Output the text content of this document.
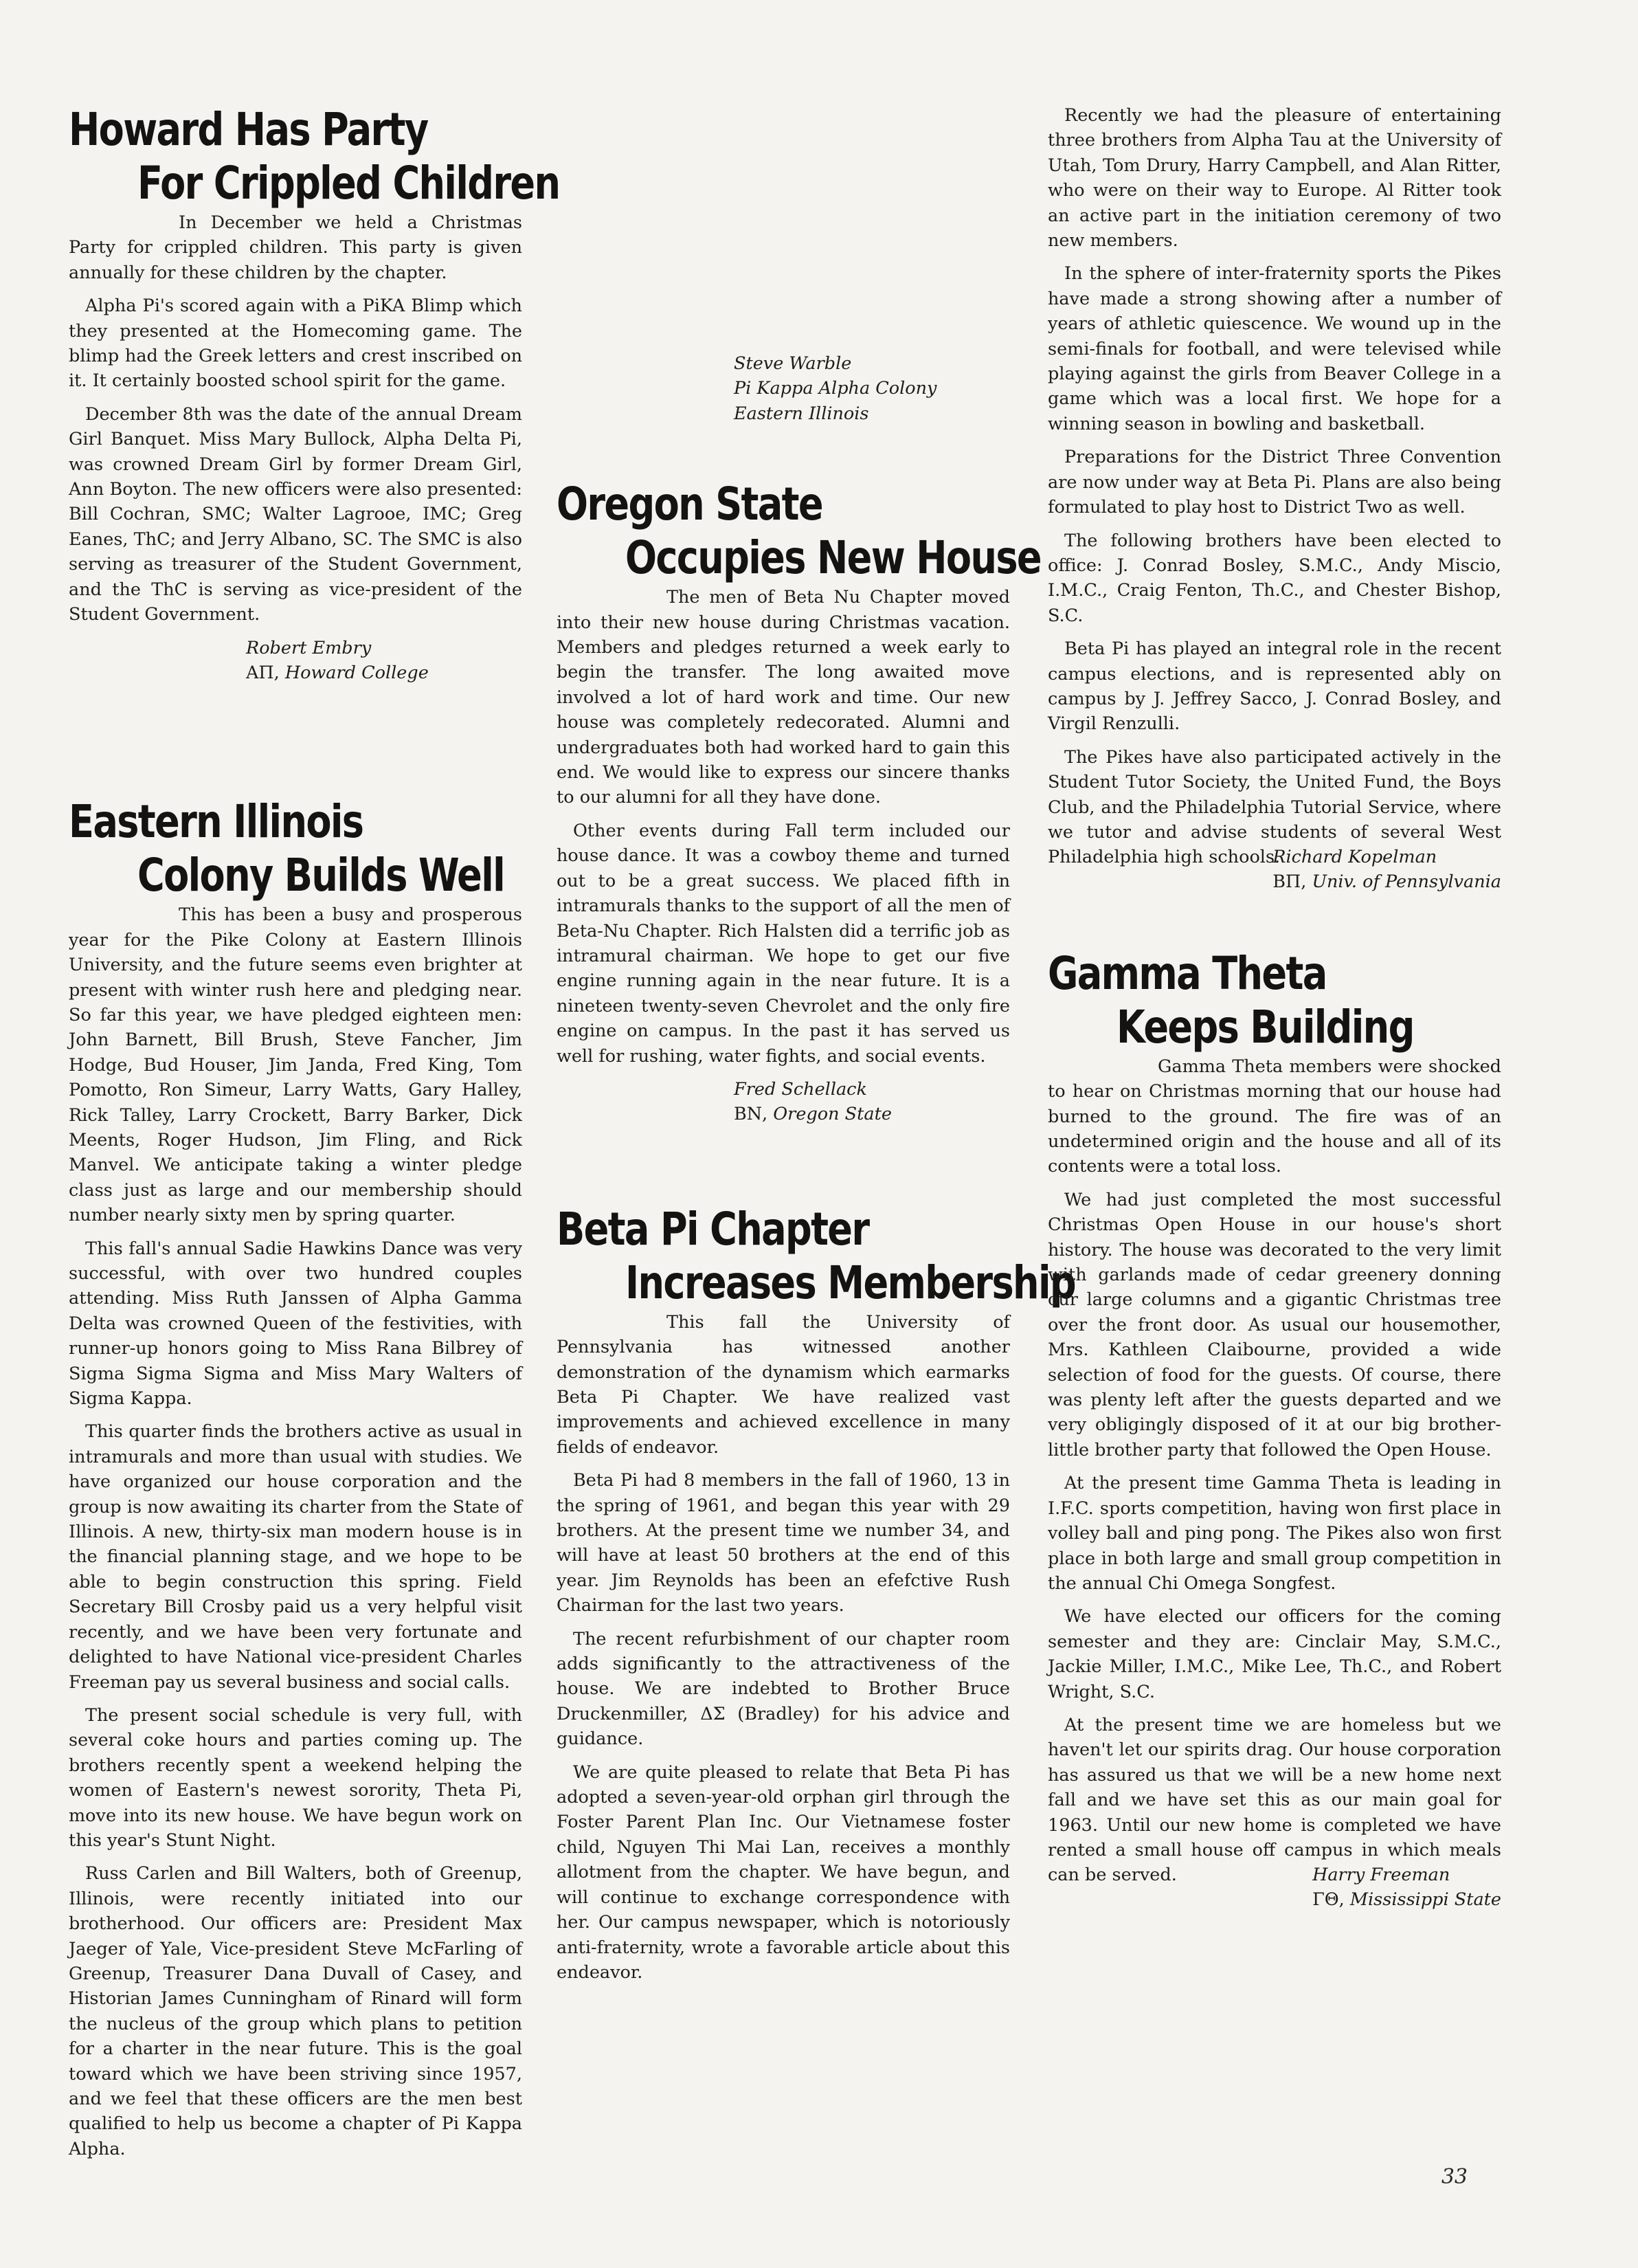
Howard Has Party
For Crippled Children

In December we held a Christmas Party for crippled children. This party is given annually for these children by the chapter.

Alpha Pi's scored again with a PiKA Blimp which they presented at the Homecoming game. The blimp had the Greek letters and crest inscribed on it. It certainly boosted school spirit for the game.

December 8th was the date of the annual Dream Girl Banquet. Miss Mary Bullock, Alpha Delta Pi, was crowned Dream Girl by former Dream Girl, Ann Boyton. The new officers were also presented: Bill Cochran, SMC; Walter Lagrooe, IMC; Greg Eanes, ThC; and Jerry Albano, SC. The SMC is also serving as treasurer of the Student Government, and the ThC is serving as vice-president of the Student Government.

Robert Embry
ΑΠ, Howard College
Eastern Illinois
Colony Builds Well

This has been a busy and prosperous year for the Pike Colony at Eastern Illinois University, and the future seems even brighter at present with winter rush here and pledging near. So far this year, we have pledged eighteen men: John Barnett, Bill Brush, Steve Fancher, Jim Hodge, Bud Houser, Jim Janda, Fred King, Tom Pomotto, Ron Simeur, Larry Watts, Gary Halley, Rick Talley, Larry Crockett, Barry Barker, Dick Meents, Roger Hudson, Jim Fling, and Rick Manvel. We anticipate taking a winter pledge class just as large and our membership should number nearly sixty men by spring quarter.

This fall's annual Sadie Hawkins Dance was very successful, with over two hundred couples attending. Miss Ruth Janssen of Alpha Gamma Delta was crowned Queen of the festivities, with runner-up honors going to Miss Rana Bilbrey of Sigma Sigma Sigma and Miss Mary Walters of Sigma Kappa.

This quarter finds the brothers active as usual in intramurals and more than usual with studies. We have organized our house corporation and the group is now awaiting its charter from the State of Illinois. A new, thirty-six man modern house is in the financial planning stage, and we hope to be able to begin construction this spring. Field Secretary Bill Crosby paid us a very helpful visit recently, and we have been very fortunate and delighted to have National vice-president Charles Freeman pay us several business and social calls.

The present social schedule is very full, with several coke hours and parties coming up. The brothers recently spent a weekend helping the women of Eastern's newest sorority, Theta Pi, move into its new house. We have begun work on this year's Stunt Night.

Russ Carlen and Bill Walters, both of Greenup, Illinois, were recently initiated into our brotherhood. Our officers are: President Max Jaeger of Yale, Vice-president Steve McFarling of Greenup, Treasurer Dana Duvall of Casey, and Historian James Cunningham of Rinard will form the nucleus of the group which plans to petition for a charter in the near future. This is the goal toward which we have been striving since 1957, and we feel that these officers are the men best qualified to help us become a chapter of Pi Kappa Alpha.

Steve Warble
Pi Kappa Alpha Colony
Eastern Illinois
Oregon State
Occupies New House

The men of Beta Nu Chapter moved into their new house during Christmas vacation. Members and pledges returned a week early to begin the transfer. The long awaited move involved a lot of hard work and time. Our new house was completely redecorated. Alumni and undergraduates both had worked hard to gain this end. We would like to express our sincere thanks to our alumni for all they have done.

Other events during Fall term included our house dance. It was a cowboy theme and turned out to be a great success. We placed fifth in intramurals thanks to the support of all the men of Beta-Nu Chapter. Rich Halsten did a terrific job as intramural chairman. We hope to get our five engine running again in the near future. It is a nineteen twenty-seven Chevrolet and the only fire engine on campus. In the past it has served us well for rushing, water fights, and social events.

Fred Schellack
ΒΝ, Oregon State
Beta Pi Chapter
Increases Membership

This fall the University of Pennsylvania has witnessed another demonstration of the dynamism which earmarks Beta Pi Chapter. We have realized vast improvements and achieved excellence in many fields of endeavor.

Beta Pi had 8 members in the fall of 1960, 13 in the spring of 1961, and began this year with 29 brothers. At the present time we number 34, and will have at least 50 brothers at the end of this year. Jim Reynolds has been an efefctive Rush Chairman for the last two years.

The recent refurbishment of our chapter room adds significantly to the attractiveness of the house. We are indebted to Brother Bruce Druckenmiller, ΔΣ (Bradley) for his advice and guidance.

We are quite pleased to relate that Beta Pi has adopted a seven-year-old orphan girl through the Foster Parent Plan Inc. Our Vietnamese foster child, Nguyen Thi Mai Lan, receives a monthly allotment from the chapter. We have begun, and will continue to exchange correspondence with her. Our campus newspaper, which is notoriously anti-fraternity, wrote a favorable article about this endeavor.

Recently we had the pleasure of entertaining three brothers from Alpha Tau at the University of Utah, Tom Drury, Harry Campbell, and Alan Ritter, who were on their way to Europe. Al Ritter took an active part in the initiation ceremony of two new members.

In the sphere of inter-fraternity sports the Pikes have made a strong showing after a number of years of athletic quiescence. We wound up in the semi-finals for football, and were televised while playing against the girls from Beaver College in a game which was a local first. We hope for a winning season in bowling and basketball.

Preparations for the District Three Convention are now under way at Beta Pi. Plans are also being formulated to play host to District Two as well.

The following brothers have been elected to office: J. Conrad Bosley, S.M.C., Andy Miscio, I.M.C., Craig Fenton, Th.C., and Chester Bishop, S.C.

Beta Pi has played an integral role in the recent campus elections, and is represented ably on campus by J. Jeffrey Sacco, J. Conrad Bosley, and Virgil Renzulli.

The Pikes have also participated actively in the Student Tutor Society, the United Fund, the Boys Club, and the Philadelphia Tutorial Service, where we tutor and advise students of several West Philadelphia high schools.

Richard Kopelman
ΒΠ, Univ. of Pennsylvania
Gamma Theta
Keeps Building

Gamma Theta members were shocked to hear on Christmas morning that our house had burned to the ground. The fire was of an undetermined origin and the house and all of its contents were a total loss.

We had just completed the most successful Christmas Open House in our house's short history. The house was decorated to the very limit with garlands made of cedar greenery donning our large columns and a gigantic Christmas tree over the front door. As usual our housemother, Mrs. Kathleen Claibourne, provided a wide selection of food for the guests. Of course, there was plenty left after the guests departed and we very obligingly disposed of it at our big brother-little brother party that followed the Open House.

At the present time Gamma Theta is leading in I.F.C. sports competition, having won first place in volley ball and ping pong. The Pikes also won first place in both large and small group competition in the annual Chi Omega Songfest.

We have elected our officers for the coming semester and they are: Cinclair May, S.M.C., Jackie Miller, I.M.C., Mike Lee, Th.C., and Robert Wright, S.C.

At the present time we are homeless but we haven't let our spirits drag. Our house corporation has assured us that we will be a new home next fall and we have set this as our main goal for 1963. Until our new home is completed we have rented a small house off campus in which meals can be served.	Harry Freeman
ΓΘ, Mississippi State
33
